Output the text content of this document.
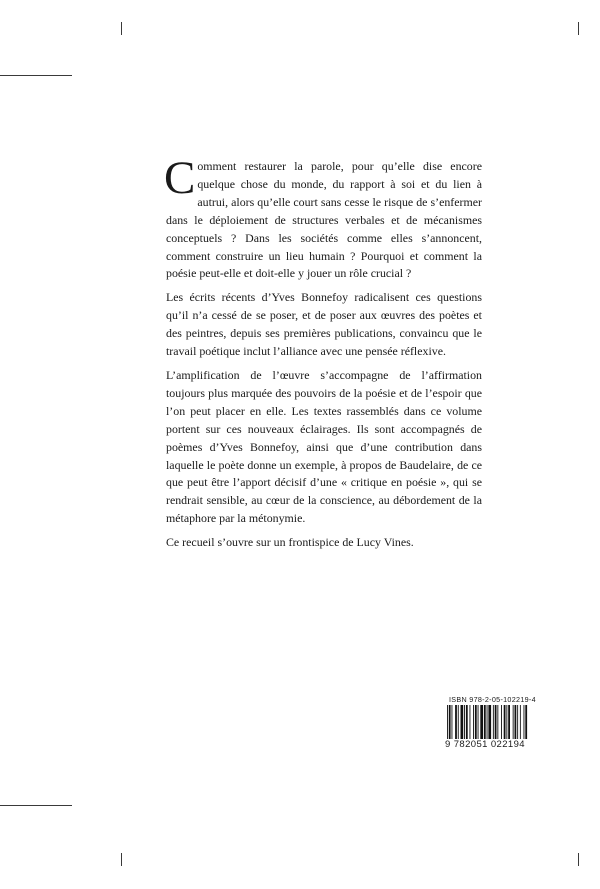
Comment restaurer la parole, pour qu’elle dise encore quelque chose du monde, du rapport à soi et du lien à autrui, alors qu’elle court sans cesse le risque de s’enfermer dans le déploiement de structures verbales et de mécanismes conceptuels ? Dans les sociétés comme elles s’annoncent, comment construire un lieu humain ? Pourquoi et comment la poésie peut-elle et doit-elle y jouer un rôle crucial ?

Les écrits récents d’Yves Bonnefoy radicalisent ces questions qu’il n’a cessé de se poser, et de poser aux œuvres des poètes et des peintres, depuis ses premières publications, convaincu que le travail poétique inclut l’alliance avec une pensée réflexive.

L’amplification de l’œuvre s’accompagne de l’affirmation toujours plus marquée des pouvoirs de la poésie et de l’espoir que l’on peut placer en elle. Les textes rassemblés dans ce volume portent sur ces nouveaux éclairages. Ils sont accompagnés de poèmes d’Yves Bonnefoy, ainsi que d’une contribution dans laquelle le poète donne un exemple, à propos de Baudelaire, de ce que peut être l’apport décisif d’une « critique en poésie », qui se rendrait sensible, au cœur de la conscience, au débordement de la métaphore par la métonymie.

Ce recueil s’ouvre sur un frontispice de Lucy Vines.

ISBN 978-2-05-102219-4
9 782051 022194
